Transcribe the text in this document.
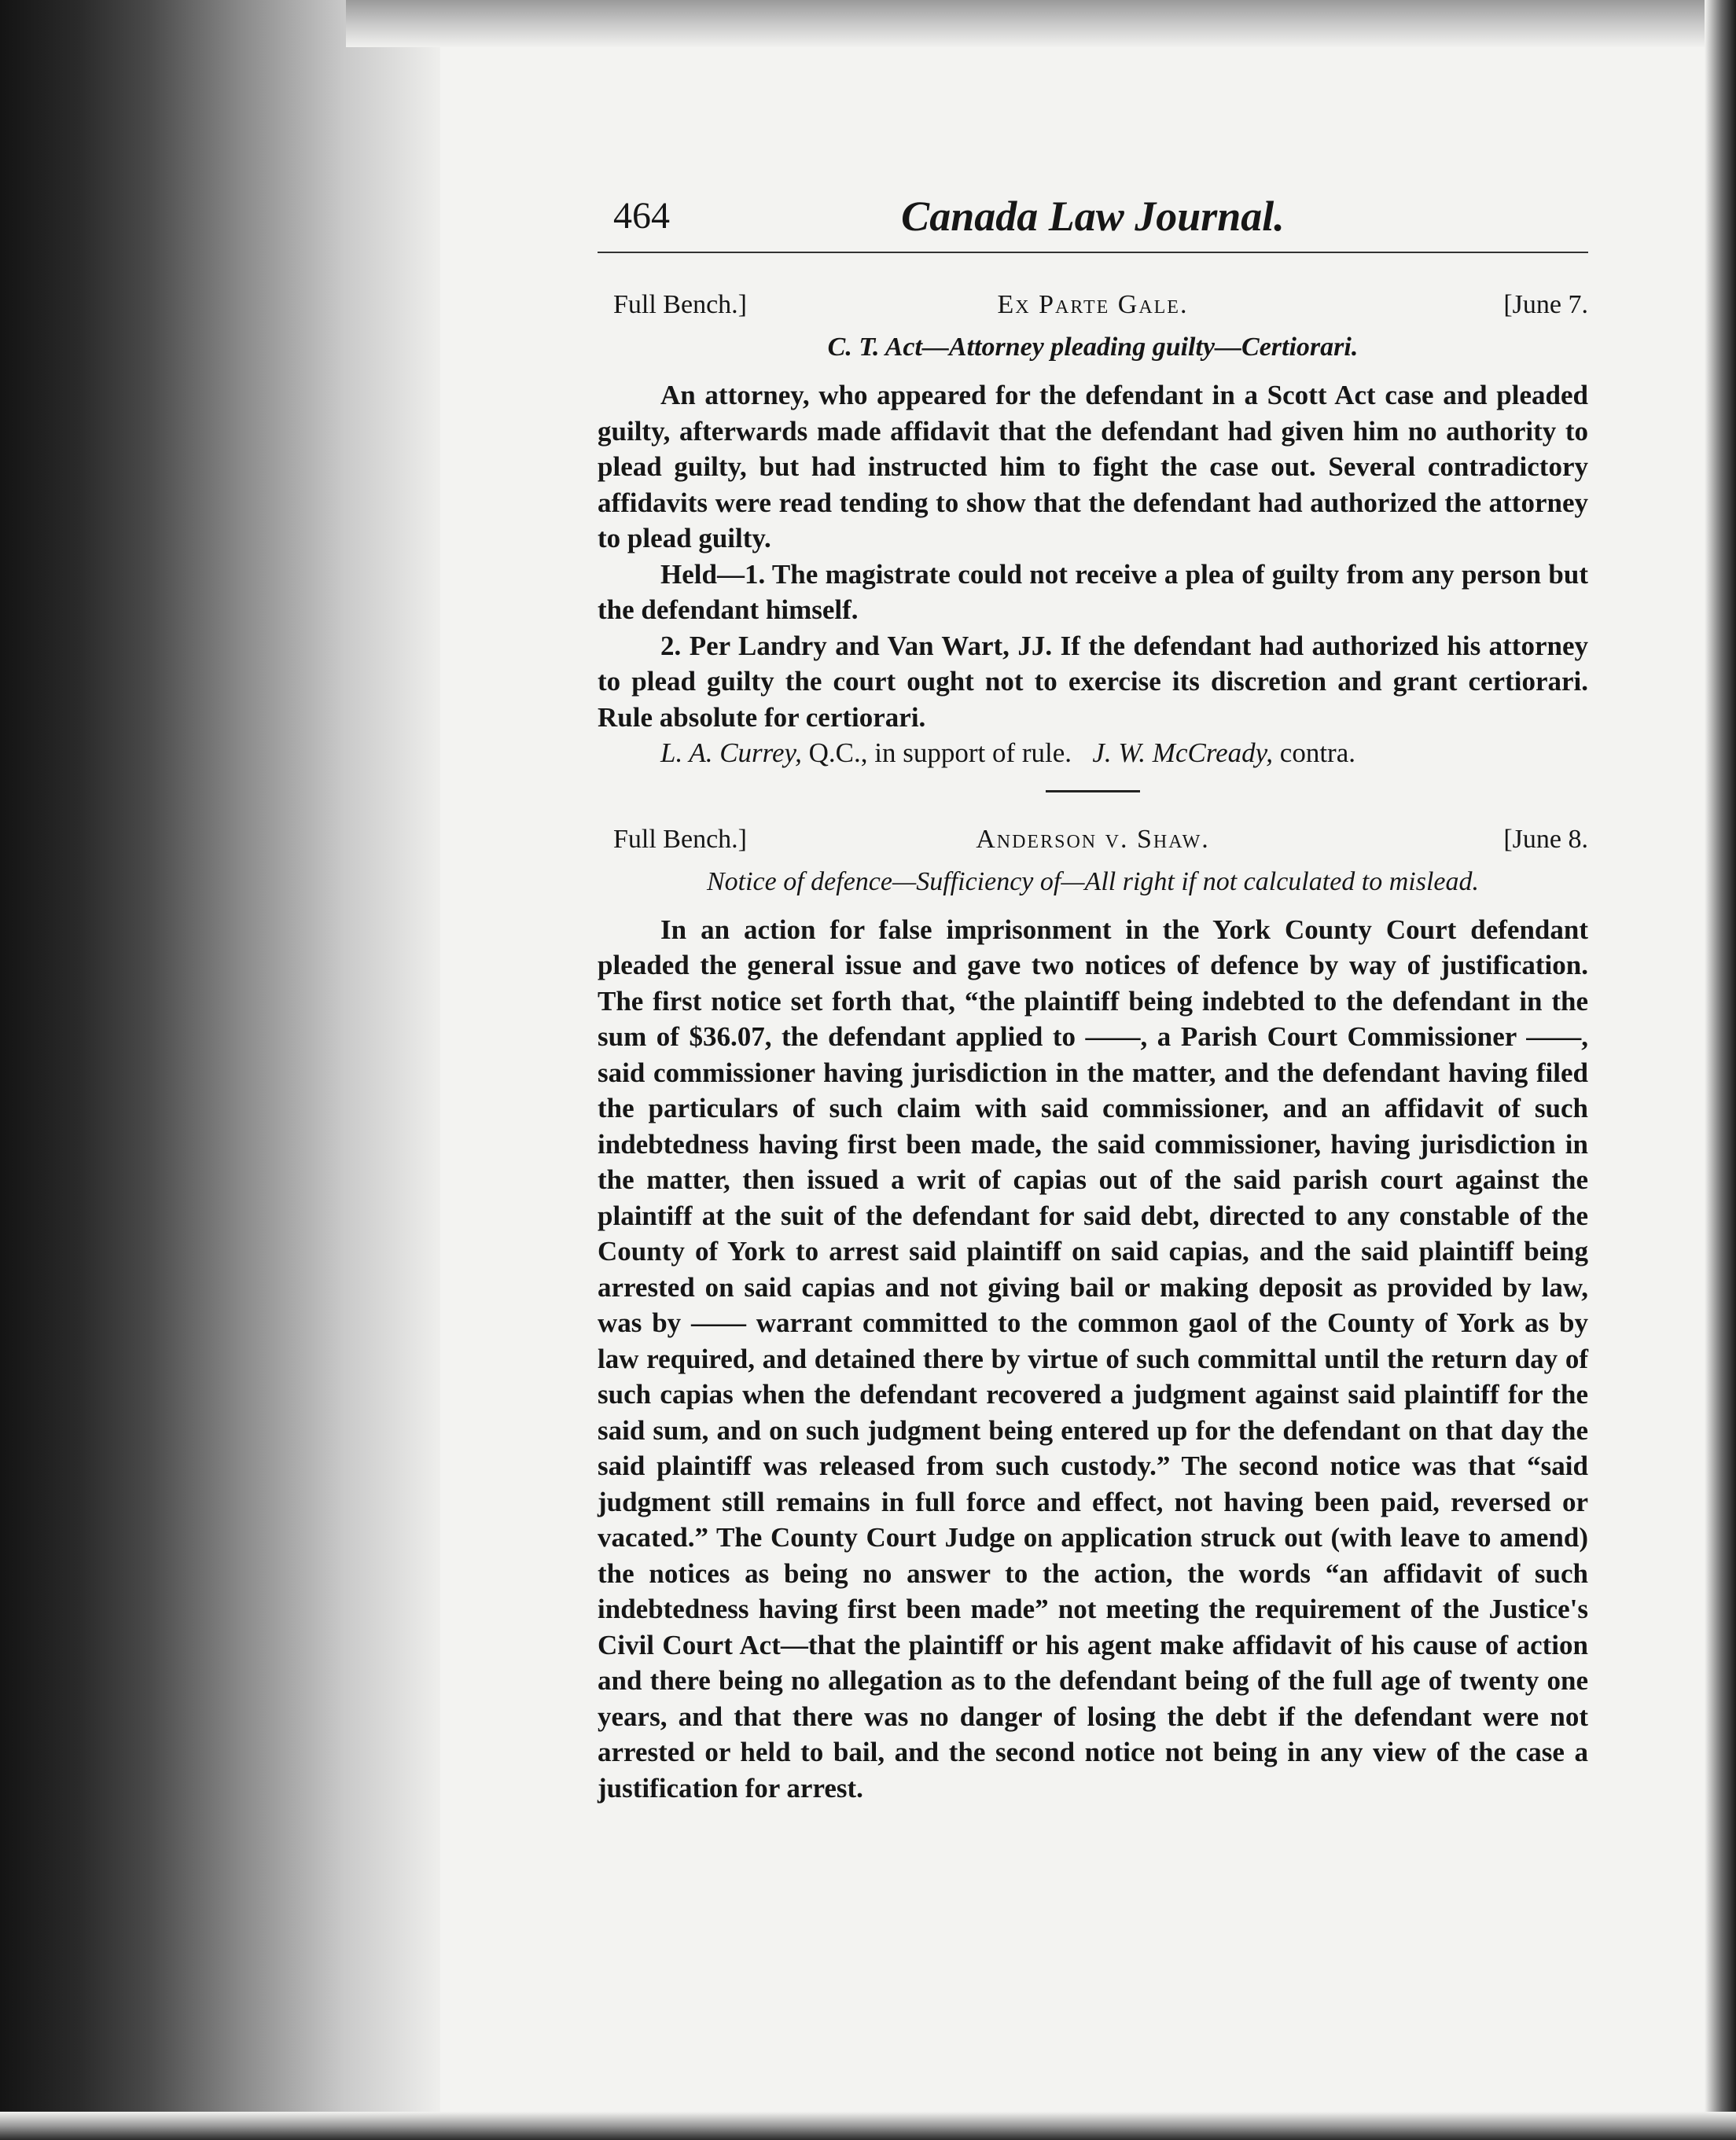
464	Canada Law Journal.
Full Bench.]	Ex Parte Gale.	[June 7.
C. T. Act—Attorney pleading guilty—Certiorari.

An attorney, who appeared for the defendant in a Scott Act case and pleaded guilty, afterwards made affidavit that the defendant had given him no authority to plead guilty, but had instructed him to fight the case out. Several contradictory affidavits were read tending to show that the defendant had authorized the attorney to plead guilty.

Held—1. The magistrate could not receive a plea of guilty from any person but the defendant himself.

2. Per Landry and Van Wart, JJ. If the defendant had authorized his attorney to plead guilty the court ought not to exercise its discretion and grant certiorari. Rule absolute for certiorari.

L. A. Currey, Q.C., in support of rule. J. W. McCready, contra.

Full Bench.]	Anderson v. Shaw.	[June 8.
Notice of defence—Sufficiency of—All right if not calculated to mislead.

In an action for false imprisonment in the York County Court defendant pleaded the general issue and gave two notices of defence by way of justification. The first notice set forth that, “the plaintiff being indebted to the defendant in the sum of $36.07, the defendant applied to ——, a Parish Court Commissioner ——, said commissioner having jurisdiction in the matter, and the defendant having filed the particulars of such claim with said commissioner, and an affidavit of such indebtedness having first been made, the said commissioner, having jurisdiction in the matter, then issued a writ of capias out of the said parish court against the plaintiff at the suit of the defendant for said debt, directed to any constable of the County of York to arrest said plaintiff on said capias, and the said plaintiff being arrested on said capias and not giving bail or making deposit as provided by law, was by —— warrant committed to the common gaol of the County of York as by law required, and detained there by virtue of such committal until the return day of such capias when the defendant recovered a judgment against said plaintiff for the said sum, and on such judgment being entered up for the defendant on that day the said plaintiff was released from such custody.” The second notice was that “said judgment still remains in full force and effect, not having been paid, reversed or vacated.” The County Court Judge on application struck out (with leave to amend) the notices as being no answer to the action, the words “an affidavit of such indebtedness having first been made” not meeting the requirement of the Justice's Civil Court Act—that the plaintiff or his agent make affidavit of his cause of action and there being no allegation as to the defendant being of the full age of twenty one years, and that there was no danger of losing the debt if the defendant were not arrested or held to bail, and the second notice not being in any view of the case a justification for arrest.
